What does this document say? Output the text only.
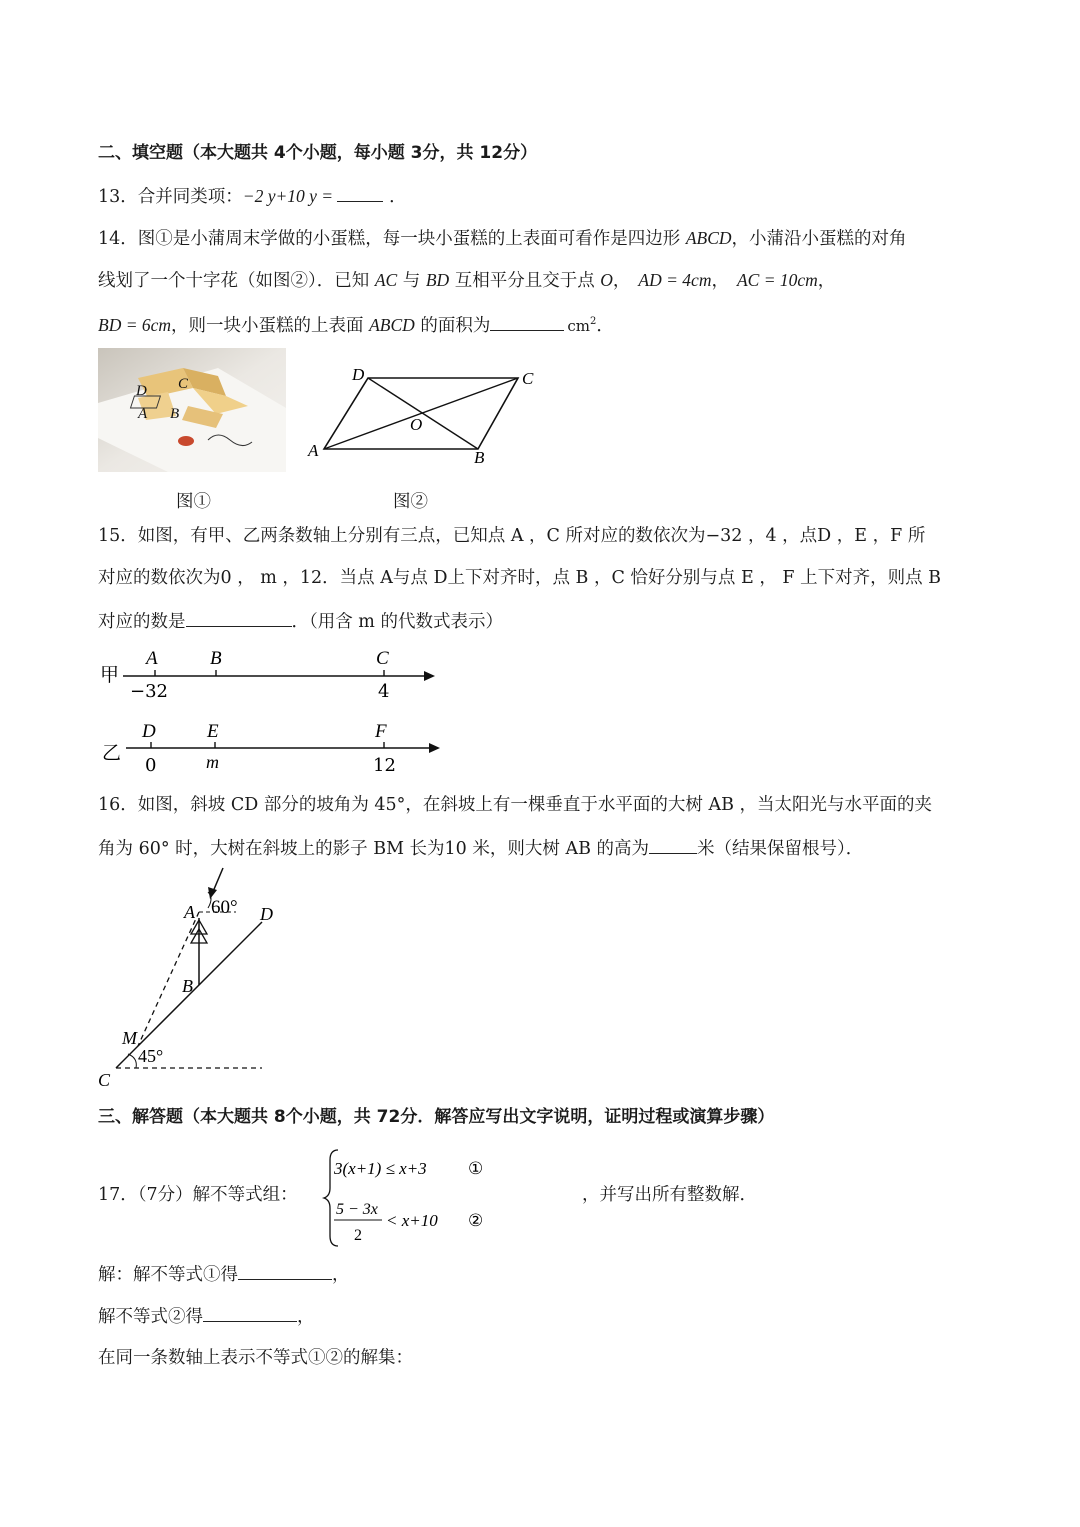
二、填空题（本大题共 4个小题，每小题 3分，共 12分）
13．合并同类项：−2 y+10 y =	．
14．图①是小蒲周末学做的小蛋糕，每一块小蛋糕的上表面可看作是四边形 ABCD，小蒲沿小蛋糕的对角
线划了一个十字花（如图②）．已知 AC 与 BD 互相平分且交于点 O， AD = 4cm， AC = 10cm，
BD = 6cm，则一块小蛋糕的上表面 ABCD 的面积为	$cm^2$．
D C
A B
D	C
A	B
O
图①	图②
15．如图，有甲、乙两条数轴上分别有三点，已知点 A ，C 所对应的数依次为−32 ，4 ，点D ，E ，F 所
对应的数依次为0 ， m ，12．当点 A与点 D上下对齐时，点 B ，C 恰好分别与点 E ， F 上下对齐，则点 B
对应的数是	．（用含 m 的代数式表示）
甲
A	B	C
−32	4
乙
D	E	F
0	m	12
16．如图，斜坡 CD 部分的坡角为 45°，在斜坡上有一棵垂直于水平面的大树 AB ，当太阳光与水平面的夹
角为 60° 时，大树在斜坡上的影子 BM 长为10 米，则大树 AB 的高为	米（结果保留根号）．
A 60° D
B
M
45°
C
三、解答题（本大题共 8个小题，共 72分．解答应写出文字说明，证明过程或演算步骤）
17．（7分）解不等式组：
3(x+1) ≤ x+3 ①
5 − 3x
2
< x+10 ②
，并写出所有整数解．
解：解不等式①得	，
解不等式②得	，
在同一条数轴上表示不等式①②的解集：
